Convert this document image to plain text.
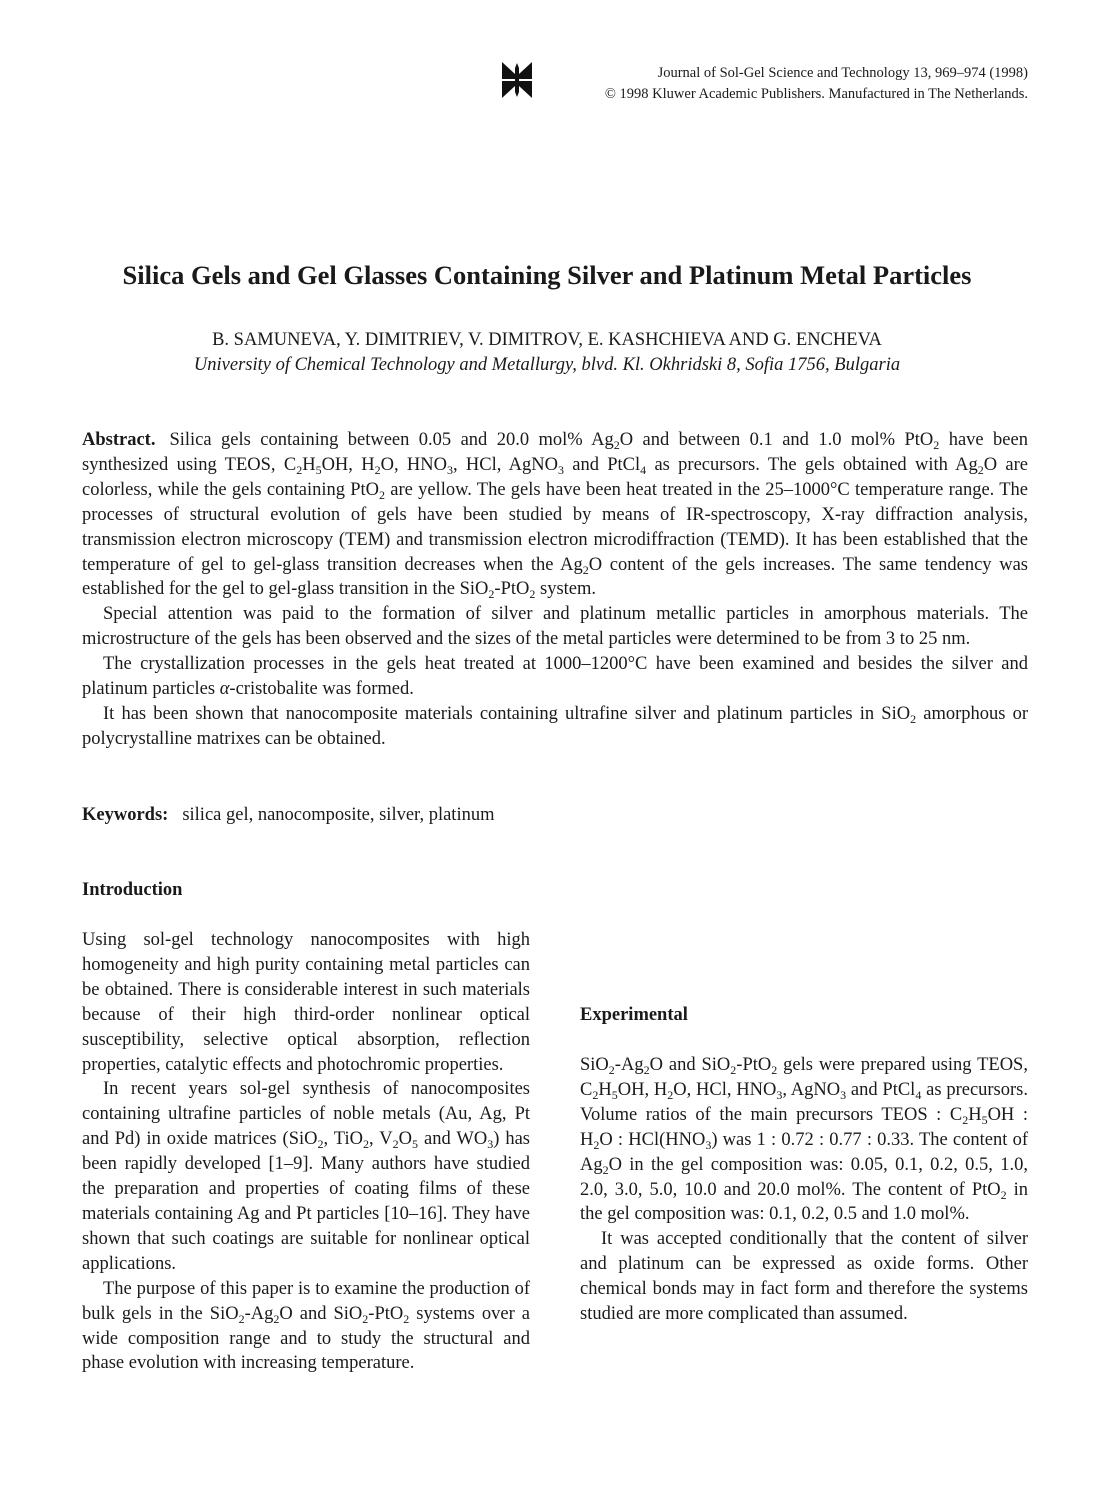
Journal of Sol-Gel Science and Technology 13, 969–974 (1998)
© 1998 Kluwer Academic Publishers. Manufactured in The Netherlands.
Silica Gels and Gel Glasses Containing Silver and Platinum Metal Particles
B. SAMUNEVA, Y. DIMITRIEV, V. DIMITROV, E. KASHCHIEVA AND G. ENCHEVA
University of Chemical Technology and Metallurgy, blvd. Kl. Okhridski 8, Sofia 1756, Bulgaria

Abstract. Silica gels containing between 0.05 and 20.0 mol% $Ag_2O$ and between 0.1 and 1.0 mol% PtO$_2$ have been synthesized using TEOS, $C_2H_5OH$, $H_2O$, $HNO_3$, HCl, AgNO$_3$ and PtCl$_4$ as precursors. The gels obtained with $Ag_2O$ are colorless, while the gels containing PtO$_2$ are yellow. The gels have been heat treated in the 25–1000°C temperature range. The processes of structural evolution of gels have been studied by means of IR-spectroscopy, X-ray diffraction analysis, transmission electron microscopy (TEM) and transmission electron microdiffraction (TEMD). It has been established that the temperature of gel to gel-glass transition decreases when the $Ag_2O$ content of the gels increases. The same tendency was established for the gel to gel-glass transition in the SiO$_2$-PtO$_2$ system.

Special attention was paid to the formation of silver and platinum metallic particles in amorphous materials. The microstructure of the gels has been observed and the sizes of the metal particles were determined to be from 3 to 25 nm.

The crystallization processes in the gels heat treated at 1000–1200°C have been examined and besides the silver and platinum particles α-cristobalite was formed.

It has been shown that nanocomposite materials containing ultrafine silver and platinum particles in SiO$_2$ amorphous or polycrystalline matrixes can be obtained.

Keywords: silica gel, nanocomposite, silver, platinum
Introduction

Using sol-gel technology nanocomposites with high homogeneity and high purity containing metal particles can be obtained. There is considerable interest in such materials because of their high third-order nonlinear optical susceptibility, selective optical absorption, reflection properties, catalytic effects and photochromic properties.

In recent years sol-gel synthesis of nanocomposites containing ultrafine particles of noble metals (Au, Ag, Pt and Pd) in oxide matrices (SiO$_2$, TiO$_2$, $V_2O_5$ and $WO_3$) has been rapidly developed [1–9]. Many authors have studied the preparation and properties of coating films of these materials containing Ag and Pt particles [10–16]. They have shown that such coatings are suitable for nonlinear optical applications.

The purpose of this paper is to examine the production of bulk gels in the $SiO_2-Ag_2O$ and SiO$_2$-PtO$_2$ systems over a wide composition range and to study the structural and phase evolution with increasing temperature.

Experimental

$SiO_2-Ag_2O$ and SiO$_2$-PtO$_2$ gels were prepared using TEOS, $C_2H_5OH$, $H_2O$, HCl, $HNO_3$, AgNO$_3$ and PtCl$_4$ as precursors. Volume ratios of the main precursors TEOS : $C_2H_5OH$ : $H_2O$ : $HCl(HNO_3)$ was 1 : 0.72 : 0.77 : 0.33. The content of $Ag_2O$ in the gel composition was: 0.05, 0.1, 0.2, 0.5, 1.0, 2.0, 3.0, 5.0, 10.0 and 20.0 mol%. The content of PtO$_2$ in the gel composition was: 0.1, 0.2, 0.5 and 1.0 mol%.

It was accepted conditionally that the content of silver and platinum can be expressed as oxide forms. Other chemical bonds may in fact form and therefore the systems studied are more complicated than assumed.
